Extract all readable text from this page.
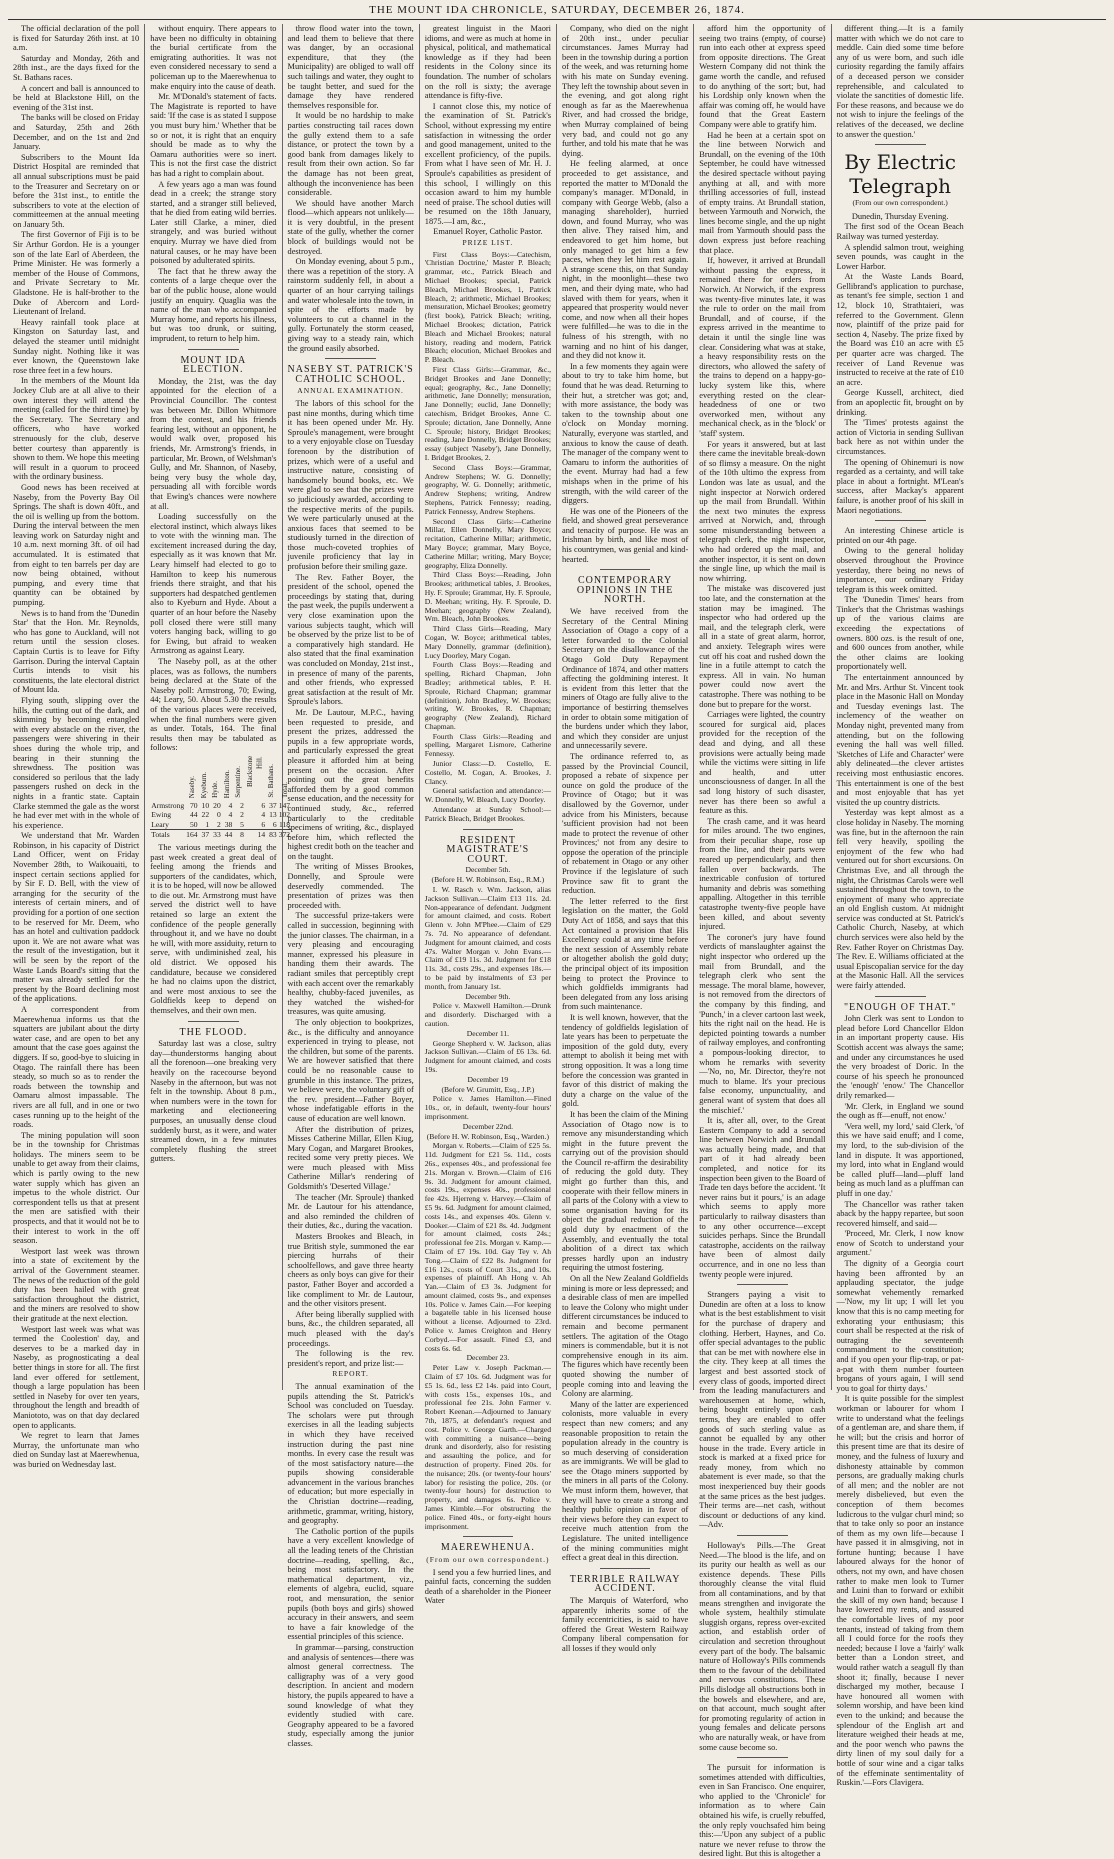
THE MOUNT IDA CHRONICLE, SATURDAY, DECEMBER 26, 1874.

The official declaration of the poll is fixed for Saturday 26th inst. at 10 a.m.

Saturday and Monday, 26th and 28th inst., are the days fixed for the St. Bathans races.

A concert and ball is announced to be held at Blackstone Hill, on the evening of the 31st inst.

The banks will be closed on Friday and Saturday, 25th and 26th December, and on the 1st and 2nd January.

Subscribers to the Mount Ida District Hospital are reminded that all annual subscriptions must be paid to the Treasurer and Secretary on or before the 31st inst., to entitle the subscribers to vote at the election of committeemen at the annual meeting on January 5th.

The first Governor of Fiji is to be Sir Arthur Gordon. He is a younger son of the late Earl of Aberdeen, the Prime Minister. He was formerly a member of the House of Commons, and Private Secretary to Mr. Gladstone. He is half-brother to the Duke of Abercorn and Lord-Lieutenant of Ireland.

Heavy rainfall took place at Kingston on Saturday last, and delayed the steamer until midnight Sunday night. Nothing like it was ever known, the Queenstown lake rose three feet in a few hours.

In the members of the Mount Ida Jockey Club are at all alive to their own interest they will attend the meeting (called for the third time) by the Secretary. The Secretary and officers, who have worked strenuously for the club, deserve better courtesy than apparently is shown to them. We hope this meeting will result in a quorum to proceed with the ordinary business.

Good news has been received at Naseby, from the Poverty Bay Oil Springs. The shaft is down 40ft., and the oil is welling up from the bottom. During the interval between the men leaving work on Saturday night and 10 a.m. next morning 3ft. of oil had accumulated. It is estimated that from eight to ten barrels per day are now being obtained, without pumping, and every time that quantity can be obtained by pumping.

News is to hand from the 'Dunedin Star' that the Hon. Mr. Reynolds, who has gone to Auckland, will not return until the session closes. Captain Curtis is to leave for Fifty Garrison. During the interval Captain Curtis intends to visit his constituents, the late electoral district of Mount Ida.

Flying south, slipping over the hills, the cutting out of the dark, and skimming by becoming entangled with every abstacle on the river, the passengers were shivering in their shoes during the whole trip, and bearing in their stunning the shrewdness. The position was considered so perilous that the lady passengers rushed on deck in the nights in a frantic state. Captain Clarke stemmed the gale as the worst he had ever met with in the whole of his experience.

We understand that Mr. Warden Robinson, in his capacity of District Land Officer, went on Friday November 28th, to Waikouaiti, to inspect certain sections applied for by Sir F. D. Bell, with the view of arranging for the security of the interests of certain miners, and of providing for a portion of one section to be reserved for Mr. Deem, who has an hotel and cultivation paddock upon it. We are not aware what was the result of the investigation, but it will be seen by the report of the Waste Lands Board's sitting that the matter was already settled for the present by the Board declining most of the applications.

A correspondent from Maerewhenua informs us that the squatters are jubilant about the dirty water case, and are open to bet any amount that the case goes against the diggers. If so, good-bye to sluicing in Otago. The rainfall there has been steady, so much so as to render the roads between the township and Oamaru almost impassable. The rivers are all full, and in one or two cases running up to the height of the roads.

The mining population will soon be in the township for Christmas holidays. The miners seem to be unable to get away from their claims, which is partly owing to the new water supply which has given an impetus to the whole district. Our correspondent tells us that at present the men are satisfied with their prospects, and that it would not be to their interest to work in the off season.

Westport last week was thrown into a state of excitement by the arrival of the Government steamer. The news of the reduction of the gold duty has been hailed with great satisfaction throughout the district, and the miners are resolved to show their gratitude at the next election.

Westport last week was what was termed the Coolestion' day, and deserves to be a marked day in Naseby, as prognosticating a deal better things in store for all. The first land ever offered for settlement, though a large population has been settled in Naseby for over ten years, throughout the length and breadth of Maniototo, was on that day declared open to applicants.

We regret to learn that James Murray, the unfortunate man who died on Sunday last at Maerewhenua, was buried on Wednesday last.

without enquiry. There appears to have been no difficulty in obtaining the burial certificate from the emigrating authorities. It was not even considered necessary to send a policeman up to the Maerewhenua to make enquiry into the cause of death.

Mr. M'Donald's statement of facts. The Magistrate is reported to have said: 'If the case is as stated I suppose you must bury him.' Whether that be so or not, it is right that an enquiry should be made as to why the Oamaru authorities were so inert. This is not the first case the district has had a right to complain about.

A few years ago a man was found dead in a creek; the strange story started, and a stranger still believed, that he died from eating wild berries. Later still Clarke, a miner, died strangely, and was buried without enquiry. Murray we have died from natural causes, or he may have been poisoned by adulterated spirits.

The fact that he threw away the contents of a large cheque over the bar of the public house, alone would justify an enquiry. Quaglia was the name of the man who accompanied Murray home, and reports his illness, but was too drunk, or suiting, imprudent, to return to help him.

MOUNT IDA ELECTION.

Monday, the 21st, was the day appointed for the election of a Provincial Councillor. The contest was between Mr. Dillon Whitmore from the contest, and his friends fearing lest, without an opponent, he would walk over, proposed his friends, Mr. Armstrong's friends, in particular, Mr. Brown, of Welshman's Gully, and Mr. Shannon, of Naseby, being very busy the whole day, persuading all with forcible words that Ewing's chances were nowhere at all.

Loading successfully on the electoral instinct, which always likes to vote with the winning man. The excitement increased during the day, especially as it was known that Mr. Leary himself had elected to go to Hamilton to keep his numerous friends there straight, and that his supporters had despatched gentlemen also to Kyeburn and Hyde. About a quarter of an hour before the Naseby poll closed there were still many voters hanging back, willing to go for Ewing, but afraid to weaken Armstrong as against Leary.

The Naseby poll, as at the other places, was as follows, the numbers being declared at the State of the Naseby poll: Armstrong, 70; Ewing, 44; Leary, 50. About 5.30 the results of the various places were received, when the final numbers were given as under. Totals, 164. The final results then may be tabulated as follows:

	Naseby.	Kyeburn.	Hyde.	Hamilton.	Serpentine.	Blackstone Hill.	St. Bathans.	Total.
Armstrong	70	10	20	4	2	6	37	147
Ewing	44	22	0	4	2	4	13	102
Leary	50	1	2	38	5	6	6	118
Totals	164	37	33	44	8	14	83	372

The various meetings during the past week created a great deal of feeling among the friends and supporters of the candidates, which, it is to be hoped, will now be allowed to die out. Mr. Armstrong must have served the district well to have retained so large an extent the confidence of the people generally throughout it, and we have no doubt he will, with more assiduity, return to serve, with undiminished zeal, his old district. We opposed his candidature, because we considered he had no claims upon the district, and were most anxious to see the Goldfields keep to depend on themselves, and their own men.

THE FLOOD.

Saturday last was a close, sultry day—thunderstorms hanging about all the forenoon—one breaking very heavily on the racecourse beyond Naseby in the afternoon, but was not felt in the township. About 8 p.m., when numbers were in the town for marketing and electioneering purposes, an unusually dense cloud suddenly burst, as it were, and water streamed down, in a few minutes completely flushing the street gutters.

throw flood water into the town, and lead them to believe that there was danger, by an occasional expenditure, that they (the Municipality) are obliged to wall off such tailings and water, they ought to be taught better, and sued for the damage they have rendered themselves responsible for.

It would be no hardship to make parties constructing tail races down the gully extend them to a safe distance, or protect the town by a good bank from damages likely to result from their own action. So far the damage has not been great, although the inconvenience has been considerable.

We should have another March flood—which appears not unlikely—it is very doubtful, in the present state of the gully, whether the corner block of buildings would not be destroyed.

On Monday evening, about 5 p.m., there was a repetition of the story. A rainstorm suddenly fell, in about a quarter of an hour carrying tailings and water wholesale into the town, in spite of the efforts made by volunteers to cut a channel in the gully. Fortunately the storm ceased, giving way to a steady rain, which the ground easily absorbed.

NASEBY ST. PATRICK'S CATHOLIC SCHOOL.
ANNUAL EXAMINATION.

The labors of this school for the past nine months, during which time it has been opened under Mr. Hy. Sproule's management, were brought to a very enjoyable close on Tuesday forenoon by the distribution of prizes, which were of a useful and instructive nature, consisting of handsomely bound books, etc. We were glad to see that the prizes were so judiciously awarded, according to the respective merits of the pupils. We were particularly unused at the anxious faces that seemed to be studiously turned in the direction of those much-coveted trophies of juvenile proficiency that lay in profusion before their smiling gaze.

The Rev. Father Boyer, the president of the school, opened the proceedings by stating that, during the past week, the pupils underwent a very close examination upon the various subjects taught, which will be observed by the prize list to be of a comparatively high standard. He also stated that the final examination was concluded on Monday, 21st inst., in presence of many of the parents, and other friends, who expressed great satisfaction at the result of Mr. Sproule's labors.

Mr. De Lautour, M.P.C., having been requested to preside, and present the prizes, addressed the pupils in a few appropriate words, and particularly expressed the great pleasure it afforded him at being present on the occasion. After pointing out the great benefits afforded them by a good common sense education, and the necessity for continued study, &c., referred particularly to the creditable specimens of writing, &c., displayed before him, which reflected the highest credit both on the teacher and on the taught.

The writing of Misses Brookes, Donnelly, and Sproule were deservedly commended. The presentation of prizes was then proceeded with.

The successful prize-takers were called in succession, beginning with the junior classes. The chairman, in a very pleasing and encouraging manner, expressed his pleasure in handing them their awards. The radiant smiles that perceptibly crept with each accent over the remarkably healthy, chubby-faced juveniles, as they watched the wished-for treasures, was quite amusing.

The only objection to bookprizes, &c., is the difficulty and annoyance experienced in trying to please, not the children, but some of the parents. We are however satisfied that there could be no reasonable cause to grumble in this instance. The prizes, we believe were, the voluntary gift of the rev. president—Father Boyer, whose indefatigable efforts in the cause of education are well known.

After the distribution of prizes, Misses Catherine Millar, Ellen Kiug, Mary Cogan, and Margaret Brookes, recited some very pretty pieces. We were much pleased with Miss Catherine Millar's rendering of Goldsmith's 'Deserted Village.'

The teacher (Mr. Sproule) thanked Mr. de Lautour for his attendance, and also reminded the children of their duties, &c., during the vacation.

Masters Brookes and Bleach, in true British style, summoned the ear piercing hurrahs of their schoolfellows, and gave three hearty cheers as only boys can give for their pastor, Father Boyer and accorded a like compliment to Mr. de Lautour, and the other visitors present.

After being liberally supplied with buns, &c., the children separated, all much pleased with the day's proceedings.

The following is the rev. president's report, and prize list:—

REPORT.

The annual examination of the pupils attending the St. Patrick's School was concluded on Tuesday. The scholars were put through exercises in all the leading subjects in which they have received instruction during the past nine months. In every case the result was of the most satisfactory nature—the pupils showing considerable advancement in the various branches of education; but more especially in the Christian doctrine—reading, arithmetic, grammar, writing, history, and geography.

The Catholic portion of the pupils have a very excellent knowledge of all the leading tenets of the Christian doctrine—reading, spelling, &c., being most satisfactory. In the mathematical department, viz., elements of algebra, euclid, square root, and mensuration, the senior pupils (both boys and girls) showed accuracy in their answers, and seem to have a fair knowledge of the essential principles of this science.

In grammar—parsing, construction and analysis of sentences—there was almost general correctness. The calligraphy was of a very good description. In ancient and modern history, the pupils appeared to have a sound knowledge of what they evidently studied with care. Geography appeared to be a favored study, especially among the junior classes.

greatest linguist in the Maori idioms, and were as much at home in physical, political, and mathematical knowledge as if they had been residents in the Colony since its foundation. The number of scholars on the roll is sixty; the average attendance is fifty-five.

I cannot close this, my notice of the examination of St. Patrick's School, without expressing my entire satisfaction in witnessing the order and good management, united to the excellent proficiency, of the pupils. From what I have seen of Mr. H. J. Sproule's capabilities as president of this school, I willingly on this occasion award to him my humble need of praise. The school duties will be resumed on the 18th January, 1875.—I am, &c.,

Emanuel Royer, Catholic Pastor.

PRIZE LIST.

First Class Boys:—Catechism, 'Christian Doctrine,' Master P. Bleach; grammar, etc., Patrick Bleach and Michael Brookes; special, Patrick Bleach, Michael Brookes, 1, Patrick Bleach, 2; arithmetic, Michael Brookes; mensuration, Michael Brookes; geometry (first book), Patrick Bleach; writing, Michael Brookes; dictation, Patrick Bleach and Michael Brookes; natural history, reading and modern, Patrick Bleach; elocution, Michael Brookes and P. Bleach.

First Class Girls:—Grammar, &c., Bridget Brookes and Jane Donnelly; equal; geography, &c., Jane Donnelly; arithmetic, Jane Donnelly; mensuration, Jane Donnelly; euclid, Jane Donnelly; catechism, Bridget Brookes, Anne C. Sproule; dictation, Jane Donnelly, Anne C. Sproule; history, Bridget Brookes; reading, Jane Donnelly, Bridget Brookes; essay (subject 'Naseby'), Jane Donnelly, I. Bridget Brookes, 2.

Second Class Boys:—Grammar, Andrew Stephens; W. G. Donnelly; geography, W. G. Donnelly; arithmetic, Andrew Stephens; writing, Andrew Stephens, Patrick Fennessy; reading, Patrick Fennessy, Andrew Stephens.

Second Class Girls:—Catherine Millar, Ellen Donnelly, Mary Boyce; recitation, Catherine Millar; arithmetic, Mary Boyce; grammar, Mary Boyce, Catherine Millar; writing, Mary Boyce; geography, Eliza Donnelly.

Third Class Boys:—Reading, John Brookes; arithmetical tables, J. Brookes, Hy. F. Sproule; Grammar, Hy. F. Sproule, D. Meehan; writing, Hy. F. Sproule, D. Meehan; geography (New Zealand), Wm. Bleach, John Brookes.

Third Class Girls—Reading, Mary Cogan, W. Boyce; arithmetical tables, Mary Donnelly, grammar (definition), Lucy Doorley, Mary Cogan.

Fourth Class Boys:—Reading and spelling, Richard Chapman, John Bradley; arithmetical tables, P. H. Sproule, Richard Chapman; grammar (definition), John Bradley, W. Brookes; writing, W. Brookes, R. Chapman; geography (New Zealand), Richard Chapman.

Fourth Class Girls:—Reading and spelling, Margaret Lismore, Catherine Fennessy.

Junior Class:—D. Costello, E. Costello, M. Cogan, A. Brookes, J. Clancy.

General satisfaction and attendance:—W. Donnelly, W. Bleach, Lucy Doorley.

Attendance at Sunday School:—Patrick Bleach, Bridget Brookes.

RESIDENT MAGISTRATE'S COURT.

December 5th.

(Before H. W. Robinson, Esq., R.M.)

I. W. Rasch v. Wm. Jackson, alias Jackson Sullivan.—Claim £13 11s. 2d. Non-appearance of defendant. Judgment for amount claimed, and costs. Robert Glenn v. John M'Phee.—Claim of £29 7s. 7d. No appearance of defendant. Judgment for amount claimed, and costs 47s. Walter Morgan v. John Evans.—Claim of £19 11s. 3d. Judgment for £18 11s. 3d., costs 29s., and expenses 18s.—to be paid by instalments of £3 per month, from January 1st.

December 9th.

Police v. Maxwell Hamilton.—Drunk and disorderly. Discharged with a caution.

December 11.

George Shepherd v. W. Jackson, alias Jackson Sullivan.—Claim of £6 13s. 6d. Judgment for amount claimed, and costs 19s.

December 19

(Before W. Grumitt, Esq., J.P.)

Police v. James Hamilton.—Fined 10s., or, in default, twenty-four hours' imprisonment.

December 22nd.

(Before H. W. Robinson, Esq., Warden.)

Morgan v. Roberts.—Claim of £25 5s. 11d. Judgment for £21 5s. 11d., costs 26s., expenses 40s., and professional fee 21s. Morgan v. Brown.—Claim of £16 9s. 3d. Judgment for amount claimed, costs 19s., expenses 40s., professional fee 42s. Hjerreng v. Harvey.—Claim of £5 9s. 6d. Judgment for amount claimed, costs 14s., and expenses 40s. Glenn v. Dooker.—Claim of £21 8s. 4d. Judgment for amount claimed, costs 24s.; professional fee 21s. Morgan v. Kamp.—Claim of £7 19s. 10d. Gay Tey v. Ah Tong.—Claim of £22 8s. Judgment for £16 12s., costs of Court 31s., and 10s. expenses of plaintiff. Ah Hong v. Ah Yan.—Claim of £3 3s. Judgment for amount claimed, costs 9s., and expenses 10s. Police v. James Cain.—For keeping a bagatelle table in his licensed house without a license. Adjourned to 23rd. Police v. James Creighton and Henry Corbyd.—For assault. Fined £3, and costs 6s. 6d.

December 23.

Peter Law v. Joseph Packman.—Claim of £7 10s. 6d. Judgment was for £5 1s. 6d., less £2 14s. paid into Court, with costs 15s., expenses 10s., and professional fee 21s. John Farmer v. Robert Keenan.—Adjourned to January 7th, 1875, at defendant's request and cost. Police v. George Garth.—Charged with committing a nuisance—being drunk and disorderly, also for resisting and assaulting the police, and for destruction of property. Fined 20s. for the nuisance; 20s. (or twenty-four hours' labor) for resisting the police, 20s. (or twenty-four hours) for destruction to property, and damages 6s. Police v. James Kimble.—For obstructing the police. Fined 40s., or forty-eight hours imprisonment.

MAEREWHENUA.
(From our own correspondent.)

I send you a few hurried lines, and painful facts, concerning the sudden death of a shareholder in the Pioneer Water

Company, who died on the night of 20th inst., under peculiar circumstances. James Murray had been in the township during a portion of the week, and was returning home with his mate on Sunday evening. They left the township about seven in the evening, and got along right enough as far as the Maerewhenua River, and had crossed the bridge, when Murray complained of being very bad, and could not go any further, and told his mate that he was dying.

He feeling alarmed, at once proceeded to get assistance, and reported the matter to M'Donald the company's manager. M'Donald, in company with George Webb, (also a managing shareholder), hurried down, and found Murray, who was then alive. They raised him, and endeavored to get him home, but only managed to get him a few paces, when they let him rest again. A strange scene this, on that Sunday night, in the moonlight—these two men, and their dying mate, who had slaved with them for years, when it appeared that prosperity would never come, and now when all their hopes were fulfilled—he was to die in the fulness of his strength, with no warning and no hint of his danger, and they did not know it.

In a few moments they again were about to try to take him home, but found that he was dead. Returning to their hut, a stretcher was got; and, with more assistance, the body was taken to the township about one o'clock on Monday morning. Naturally, everyone was startled, and anxious to know the cause of death. The manager of the company went to Oamaru to inform the authorities of the event. Murray had had a few mishaps when in the prime of his strength, with the wild career of the diggers.

He was one of the Pioneers of the field, and showed great perseverance and tenacity of purpose. He was an Irishman by birth, and like most of his countrymen, was genial and kind-hearted.

CONTEMPORARY OPINIONS IN THE NORTH.

We have received from the Secretary of the Central Mining Association of Otago a copy of a letter forwarded to the Colonial Secretary on the disallowance of the Otago Gold Duty Repayment Ordinance of 1874, and other matters affecting the goldmining interest. It is evident from this letter that the miners of Otago are fully alive to the importance of bestirring themselves in order to obtain some mitigation of the burdens under which they labor, and which they consider are unjust and unnecessarily severe.

The ordinance referred to, as passed by the Provincial Council, proposed a rebate of sixpence per ounce on gold the produce of the Province of Otago; but it was disallowed by the Governor, under advice from his Ministers, because 'sufficient provision had not been made to protect the revenue of other Provinces;' not from any desire to oppose the operation of the principle of rebatement in Otago or any other Province if the legislature of such Province saw fit to grant the reduction.

The letter referred to the first legislation on the matter, the Gold Duty Act of 1858, and says that this Act contained a provision that His Excellency could at any time before the next session of Assembly rebate or altogether abolish the gold duty; the principal object of its imposition being to protect the Province to which goldfields immigrants had been delegated from any loss arising from such maintenance.

It is well known, however, that the tendency of goldfields legislation of late years has been to perpetuate the imposition of the gold duty, every attempt to abolish it being met with strong opposition. It was a long time before the concession was granted in favor of this district of making the duty a charge on the value of the gold.

It has been the claim of the Mining Association of Otago now is to remove any misunderstanding which might in the future prevent the carrying out of the provision should the Council re-affirm the desirability of reducing the gold duty. They might go further than this, and cooperate with their fellow miners in all parts of the Colony with a view to some organisation having for its object the gradual reduction of the gold duty by enactment of the Assembly, and eventually the total abolition of a direct tax which presses hardly upon an industry requiring the utmost fostering.

On all the New Zealand Goldfields mining is more or less depressed; and a desirable class of men are impelled to leave the Colony who might under different circumstances be induced to remain and become permanent settlers. The agitation of the Otago miners is commendable, but it is not comprehensive enough in its aim. The figures which have recently been quoted showing the number of people coming into and leaving the Colony are alarming.

Many of the latter are experienced colonists, more valuable in every respect than new comers; and any reasonable proposition to retain the population already in the country is so much deserving of consideration as are immigrants. We will be glad to see the Otago miners supported by the miners in all parts of the Colony. We must inform them, however, that they will have to create a strong and healthy public opinion in favor of their views before they can expect to receive much attention from the Legislature. The united intelligence of the mining communities might effect a great deal in this direction.

TERRIBLE RAILWAY ACCIDENT.

The Marquis of Waterford, who apparently inherits some of the family eccentricities, is said to have offered the Great Western Railway Company liberal compensation for all losses if they would only

afford him the opportunity of seeing two trains (empty, of course) run into each other at express speed from opposite directions. The Great Western Company did not think the game worth the candle, and refused to do anything of the sort; but, had his Lordship only known when the affair was coming off, he would have found that the Great Eastern Company were able to gratify him.

Had he been at a certain spot on the line between Norwich and Brundall, on the evening of the 10th September, he could have witnessed the desired spectacle without paying anything at all, and with more thrilling accessories of full, instead of empty trains. At Brundall station, between Yarmouth and Norwich, the lines become single, and the up night mail from Yarmouth should pass the down express just before reaching that place.

If, however, it arrived at Brundall without passing the express, it remained there for orders from Norwich. At Norwich, if the express was twenty-five minutes late, it was the rule to order on the mail from Brundall, and of course, if the express arrived in the meantime to detain it until the single line was clear. Considering what was at stake, a heavy responsibility rests on the directors, who allowed the safety of the trains to depend on a happy-go-lucky system like this, where everything rested on the clear-headedness of one or two overworked men, without any mechanical check, as in the 'block' or 'staff' system.

For years it answered, but at last there came the inevitable break-down of so flimsy a measure. On the night of the 10th ultimo the express from London was late as usual, and the night inspector at Norwich ordered up the mail from Brundall. Within the next two minutes the express arrived at Norwich, and, through some misunderstanding between a telegraph clerk, the night inspector, who had ordered up the mail, and another inspector, it is sent on down the single line, up which the mail is now whirring.

The mistake was discovered just too late, and the consternation at the station may be imagined. The inspector who had ordered up the mail, and the telegraph clerk, were all in a state of great alarm, horror, and anxiety. Telegraph wires were cut off his coat and rushed down the line in a futile attempt to catch the express. All in vain. No human power could now avert the catastrophe. There was nothing to be done but to prepare for the worst.

Carriages were lighted, the country scoured for surgical aid, places provided for the reception of the dead and dying, and all these provisions were actually being made while the victims were sitting in life and health, and utter unconsciousness of danger. In all the sad long history of such disaster, never has there been so awful a feature as this.

The crash came, and it was heard for miles around. The two engines, from their peculiar shape, rose up from the line, and their parts were reared up perpendicularly, and then fallen over backwards. The inextricable confusion of tortured humanity and debris was something appalling. Altogether in this terrible catastrophe twenty-five people have been killed, and about seventy injured.

The coroner's jury have found verdicts of manslaughter against the night inspector who ordered up the mail from Brundall, and the telegraph clerk who sent the message. The moral blame, however, is not removed from the directors of the company by this finding, and 'Punch,' in a clever cartoon last week, hits the right nail on the head. He is depicted pointing towards a number of railway employes, and confronting a pompous-looking director, to whom he remarks with severity—'No, no, Mr. Director, they're not much to blame. It's your precious false economy, unpunctuality, and general want of system that does all the mischief.'

It is, after all, over, to the Great Eastern Company to add a second line between Norwich and Brundall was actually being made, and that part of it had already been completed, and notice for its inspection been given to the Board of Trade ten days before the accident. 'It never rains but it pours,' is an adage which seems to apply more particularly to railway disasters than to any other occurrence—except suicides perhaps. Since the Brundall catastrophe, accidents on the railway have been of almost daily occurrence, and in one no less than twenty people were injured.

Strangers paying a visit to Dunedin are often at a loss to know what is the best establishment to visit for the purchase of drapery and clothing. Herbert, Haynes, and Co. offer special advantages to the public that can be met with nowhere else in the city. They keep at all times the largest and best assorted stock of every class of goods, imported direct from the leading manufacturers and warehousemen at home, which, being bought entirely upon cash terms, they are enabled to offer goods of such sterling value as cannot be equalled by any other house in the trade. Every article in stock is marked at a fixed price for ready money, from which no abatement is ever made, so that the most inexperienced buy their goods at the same prices as the best judges. Their terms are—net cash, without discount or deductions of any kind.—Adv.

Holloway's Pills.—The Great Need.—The blood is the life, and on its purity our health as well as our existence depends. These Pills thoroughly cleanse the vital fluid from all contaminations, and by that means strengthen and invigorate the whole system, healthily stimulate sluggish organs, repress over-excited action, and establish order of circulation and secretion throughout every part of the body. The balsamic nature of Holloway's Pills commends them to the favour of the debilitated and nervous constitutions. These Pills dislodge all obstructions both in the bowels and elsewhere, and are, on that account, much sought after for promoting regularity of action in young females and delicate persons who are naturally weak, or have from some cause become so.

The pursuit for information is sometimes attended with difficulties, even in San Francisco. One enquirer, who applied to the 'Chronicle' for information as to where Cain obtained his wife, is cruelly rebuffed, the only reply vouchsafed him being this:—'Upon any subject of a public nature we never refuse to throw the desired light. But this is altogether a

different thing.—It is a family matter with which we do not care to meddle. Cain died some time before any of us were born, and such idle curiosity regarding the family affairs of a deceased person we consider reprehensible, and calculated to violate the sanctities of domestic life. For these reasons, and because we do not wish to injure the feelings of the relatives of the deceased, we decline to answer the question.'

By Electric Telegraph
(From our own correspondent.)

Dunedin, Thursday Evening.

The first sod of the Ocean Beach Railway was turned yesterday.

A splendid salmon trout, weighing seven pounds, was caught in the Lower Harbor.

At the Waste Lands Board, Gellibrand's application to purchase, as tenant's fee simple, section 1 and 12, block 10, Strathtaieri, was referred to the Government. Glenn now, plaintiff of the prize paid for section 4, Naseby. The prize fixed by the Board was £10 an acre with £5 per quarter acre was charged. The receiver of Land Revenue was instructed to receive at the rate of £10 an acre.

George Kussell, architect, died from an apoplectic fit, brought on by drinking.

The 'Times' protests against the action of Victoria in sending Sullivan back here as not within under the circumstances.

The opening of Ohinemuri is now regarded as a certainty, and will take place in about a fortnight. M'Lean's success, after Mackay's apparent failure, is another proof of his skill in Maori negotiations.

An interesting Chinese article is printed on our 4th page.

Owing to the general holiday observed throughout the Province yesterday, there being no news of importance, our ordinary Friday telegram is this week omitted.

The 'Dunedin Times' hears from Tinker's that the Christmas washings up of the various claims are exceeding the expectations of owners. 800 ozs. is the result of one, and 600 ounces from another, while the other claims are looking proportionately well.

The entertainment announced by Mr. and Mrs. Arthur St. Vincent took place in the Masonic Hall on Monday and Tuesday evenings last. The inclemency of the weather on Monday night, prevented many from attending, but on the following evening the hall was well filled. 'Sketches of Life and Character' were ably delineated—the clever artistes receiving most enthusiastic encores. This entertainment is one of the best and most enjoyable that has yet visited the up country districts.

Yesterday was kept almost as a close holiday in Naseby. The morning was fine, but in the afternoon the rain fell very heavily, spoiling the enjoyment of the few who had ventured out for short excursions. On Christmas Eve, and all through the night, the Christmas Carols were well sustained throughout the town, to the enjoyment of many who appreciate an old English custom. At midnight service was conducted at St. Patrick's Catholic Church, Naseby, at which church services were also held by the Rev. Father Royer on Christmas Day. The Rev. E. Williams officiated at the usual Episcopalian service for the day at the Masonic Hall. All the services were fairly attended.

"ENOUGH OF THAT."

John Clerk was sent to London to plead before Lord Chancellor Eldon in an important property cause. His Scottish accent was always the same; and under any circumstances he used the very broadest of Doric. In the course of his speech he pronounced the 'enough' 'enow.' The Chancellor drily remarked—

'Mr. Clerk, in England we sound the ough as ff—enuff, not enow.'

'Vera well, my lord,' said Clerk, 'of this we have said enuff; and I come, my lord, to the sub-division of the land in dispute. It was apportioned, my lord, into what in England would be called pluff—land—pluff land being as much land as a pluffman can pluff in one day.'

The Chancellor was rather taken aback by the happy repartee, but soon recovered himself, and said—

'Proceed, Mr. Clerk, I now know enow of Scotch to understand your argument.'

The dignity of a Georgia court having been affronted by an applauding spectator, the judge somewhat vehemently remarked—'Now, my lit up; I will let you know that this is no camp meeting for exhorating your enthusiasm; this court shall be respected at the risk of outraging the seventeenth commandment to the constitution; and if you open your flip-trap, or pat-a-pat with them number fourteen brogans of yours again, I will send you to goal for thirty days.'

It is quite possible for the simplest workman or labourer for whom I write to understand what the feelings of a gentleman are, and share them, if he will; but the crisis and horror of this present time are that its desire of money, and the fulness of luxury and dishonesty attainable by common persons, are gradually making churls of all men; and the nobler are not merely disbelieved, but even the conception of them becomes ludicrous to the vulgar churl mind; so that to take only so poor an instance of them as my own life—because I have passed it in almsgiving, not in fortune hunting; because I have laboured always for the honor of others, not my own, and have chosen rather to make men look to Turner and Luini than to forward or exhibit the skill of my own hand; because I have lowered my rents, and assured the comfortable lives of my poor tenants, instead of taking from them all I could force for the roofs they needed; because I love a 'fairly' walk better than a London street, and would rather watch a seagull fly than shoot it; finally, because I never discharged my mother, because I have honoured all women with solemn worship, and have been kind even to the unkind; and because the splendour of the English art and literature weighed their heads at me, and the poor wench who pawns the dirty linen of my soul daily for a bottle of sour wine and a cigar talks of the effeminate sentimentality of Ruskin.'—Fors Clavigera.
